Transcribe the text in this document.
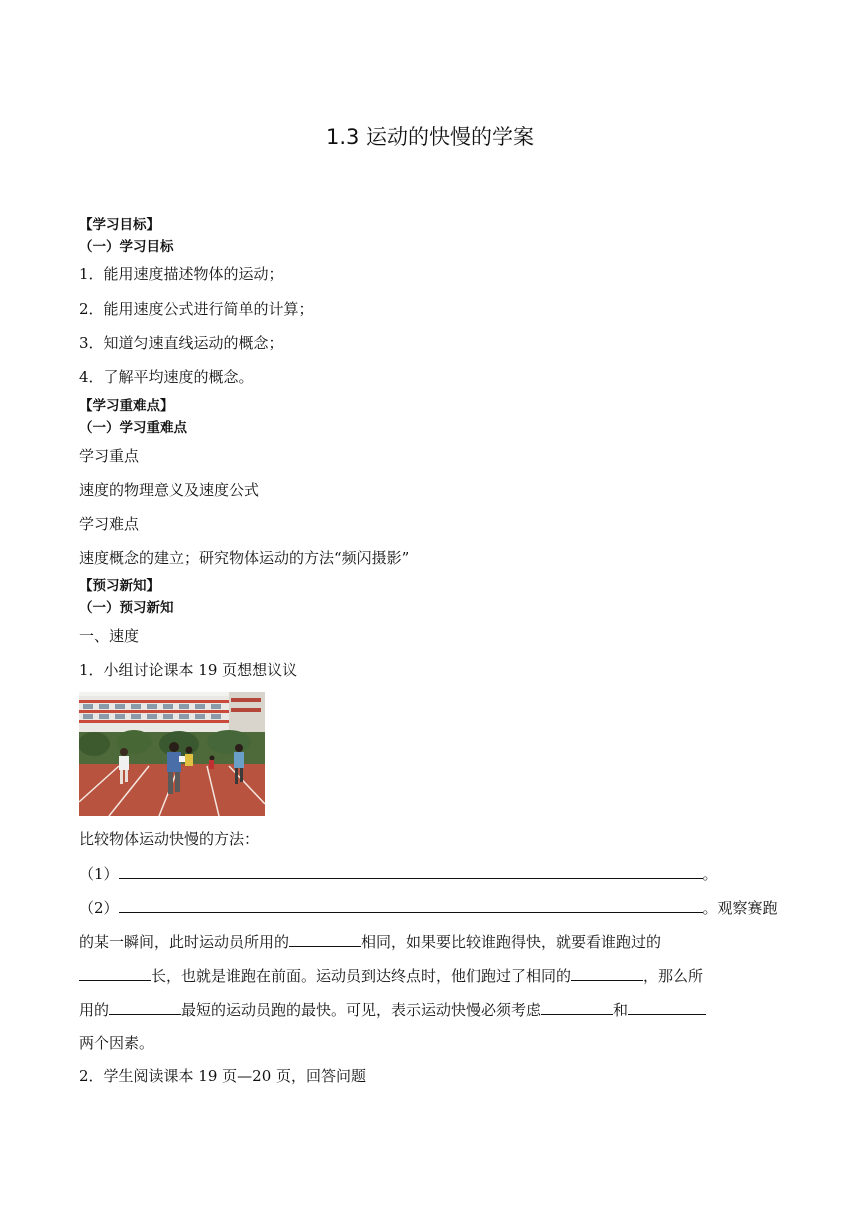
1.3 运动的快慢的学案
【学习目标】
（一）学习目标
1．能用速度描述物体的运动；
2．能用速度公式进行简单的计算；
3．知道匀速直线运动的概念；
4．了解平均速度的概念。
【学习重难点】
（一）学习重难点
学习重点
速度的物理意义及速度公式
学习难点
速度概念的建立；研究物体运动的方法“频闪摄影”
【预习新知】
（一）预习新知
一、速度
1．小组讨论课本 19 页想想议议
比较物体运动快慢的方法：
（1）	。
（2）	。观察赛跑
的某一瞬间，此时运动员所用的	相同，如果要比较谁跑得快，就要看谁跑过的
长，也就是谁跑在前面。运动员到达终点时，他们跑过了相同的	，那么所
用的	最短的运动员跑的最快。可见，表示运动快慢必须考虑	和
两个因素。
2．学生阅读课本 19 页—20 页，回答问题
